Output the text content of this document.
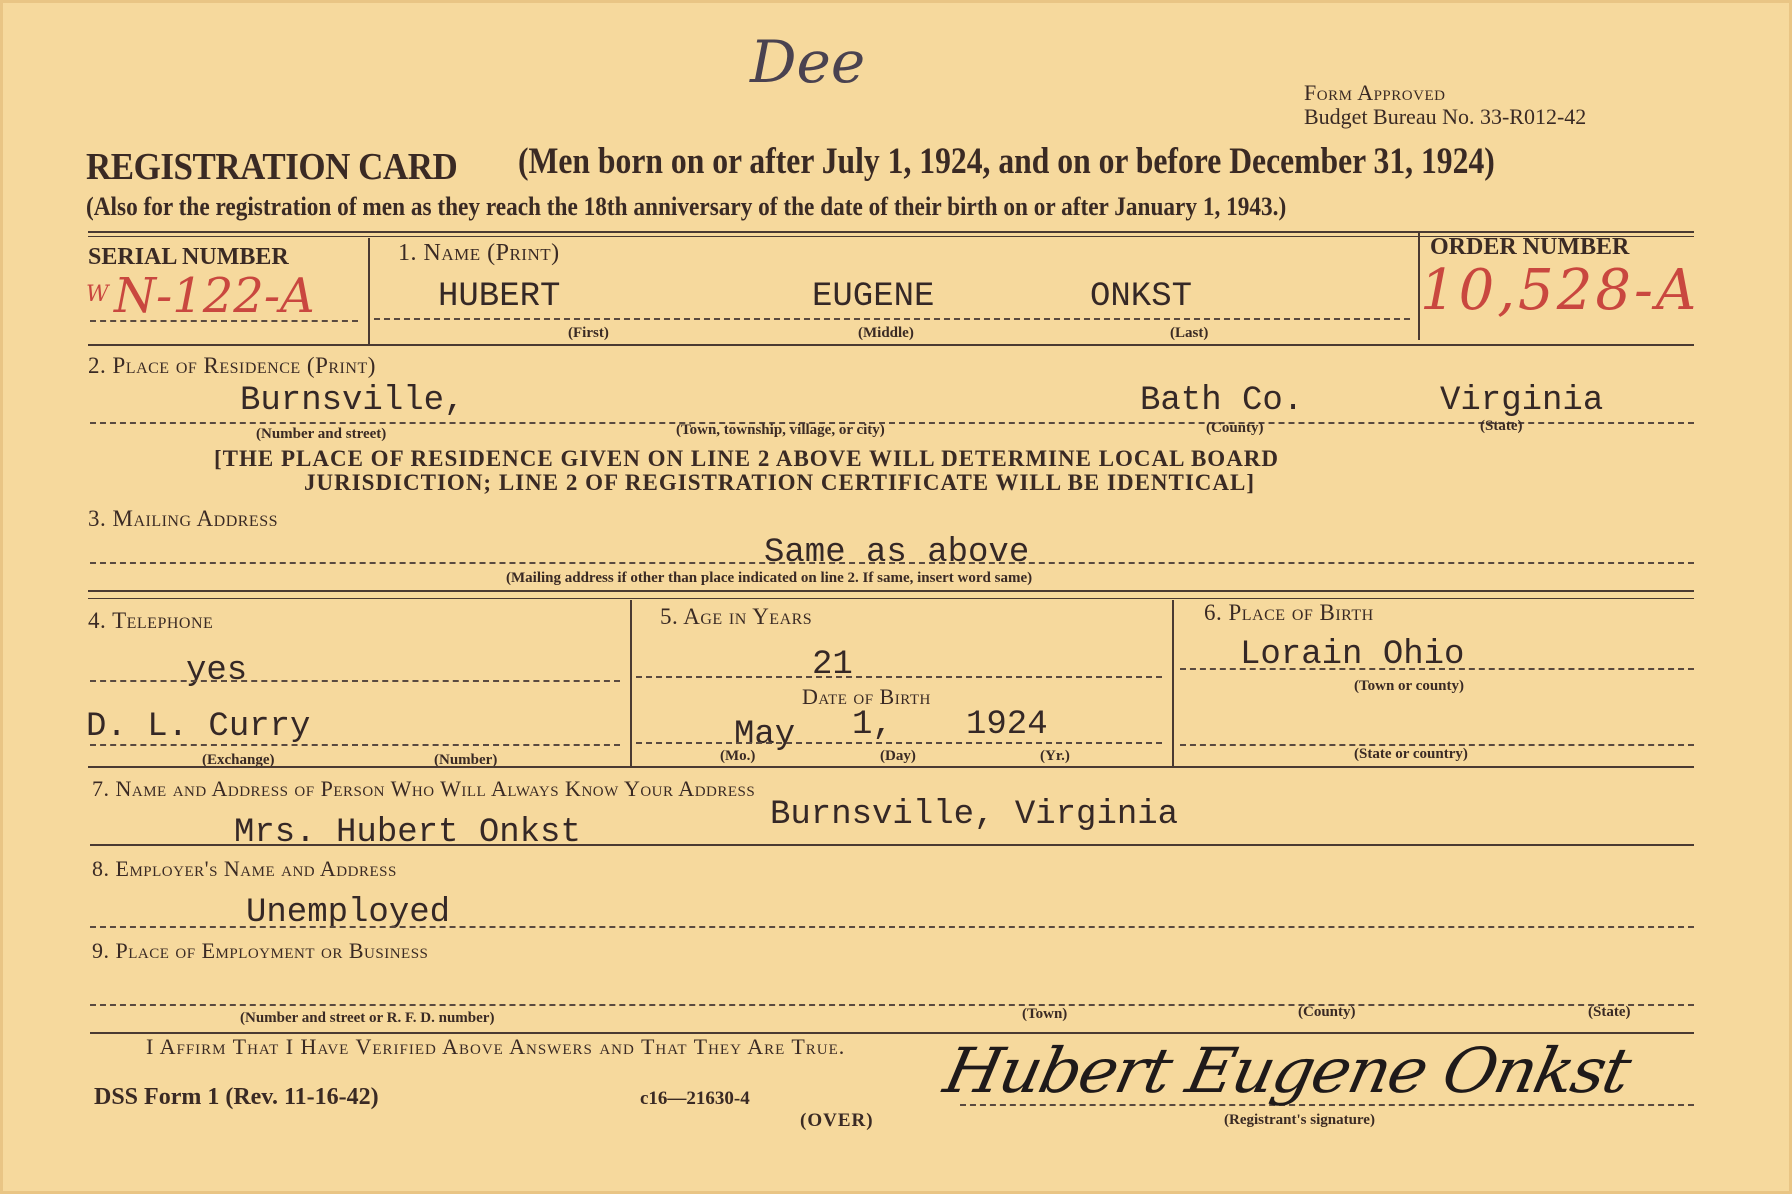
Dee	Form Approved
Budget Bureau No. 33-R012-42
REGISTRATION CARD (Men born on or after July 1, 1924, and on or before December 31, 1924)
(Also for the registration of men as they reach the 18th anniversary of the date of their birth on or after January 1, 1943.)
SERIAL NUMBER
W N-122-A
1. Name (Print)
HUBERT	EUGENE	ONKST
(First)	(Middle)	(Last)
ORDER NUMBER
10,528-A
2. Place of Residence (Print)
Burnsville,	Bath Co.	Virginia
(Number and street)	(Town, township, village, or city)	(County)	(State)
[THE PLACE OF RESIDENCE GIVEN ON LINE 2 ABOVE WILL DETERMINE LOCAL BOARD
JURISDICTION; LINE 2 OF REGISTRATION CERTIFICATE WILL BE IDENTICAL]
3. Mailing Address
Same as above
(Mailing address if other than place indicated on line 2. If same, insert word same)
4. Telephone
yes
D. L. Curry
(Exchange)	(Number)
5. Age in Years
21
Date of Birth
May 1, 1924
(Mo.)	(Day)	(Yr.)
6. Place of Birth
Lorain Ohio
(Town or county)
(State or country)
7. Name and Address of Person Who Will Always Know Your Address
Mrs. Hubert Onkst	Burnsville, Virginia
8. Employer's Name and Address
Unemployed
9. Place of Employment or Business
(Number and street or R. F. D. number)	(Town)	(County)	(State)
I Affirm That I Have Verified Above Answers and That They Are True.
DSS Form 1 (Rev. 11-16-42)	c16—21630-4
(OVER)
Hubert Eugene Onkst
(Registrant's signature)
